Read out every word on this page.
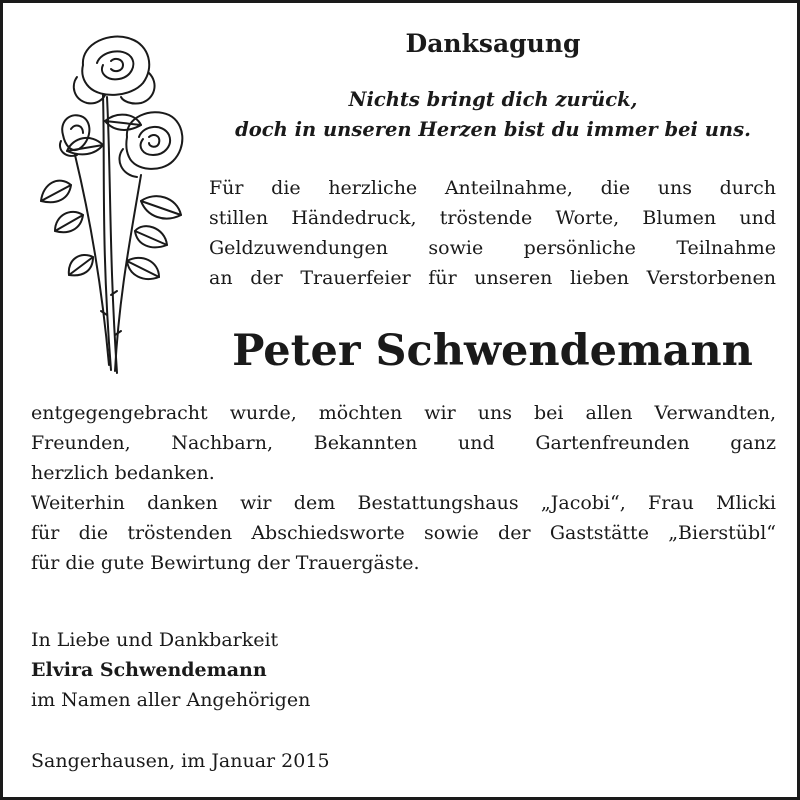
Danksagung
Nichts bringt dich zurück,
doch in unseren Herzen bist du immer bei uns.
Für die herzliche Anteilnahme, die uns durch
stillen Händedruck, tröstende Worte, Blumen und
Geldzuwendungen sowie persönliche Teilnahme
an der Trauerfeier für unseren lieben Verstorbenen
Peter Schwendemann
entgegengebracht wurde, möchten wir uns bei allen Verwandten,
Freunden, Nachbarn, Bekannten und Gartenfreunden ganz
herzlich bedanken.
Weiterhin danken wir dem Bestattungshaus „Jacobi“, Frau Mlicki
für die tröstenden Abschiedsworte sowie der Gaststätte „Bierstübl“
für die gute Bewirtung der Trauergäste.
In Liebe und Dankbarkeit
Elvira Schwendemann
im Namen aller Angehörigen
Sangerhausen, im Januar 2015
